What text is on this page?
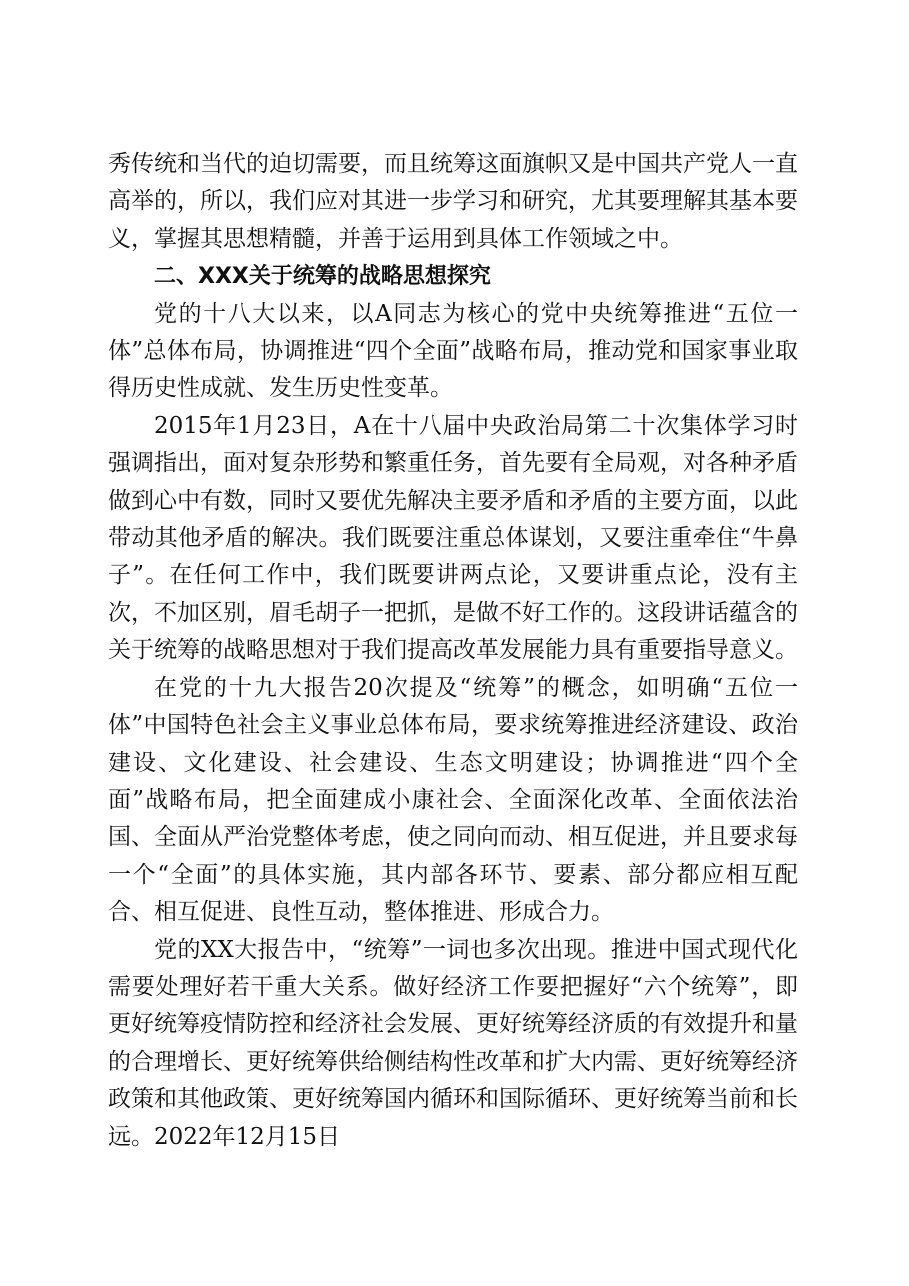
秀传统和当代的迫切需要，而且统筹这面旗帜又是中国共产党人一直高举的，所以，我们应对其进一步学习和研究，尤其要理解其基本要义，掌握其思想精髓，并善于运用到具体工作领域之中。

二、XXX关于统筹的战略思想探究

党的十八大以来，以A同志为核心的党中央统筹推进“五位一体”总体布局，协调推进“四个全面”战略布局，推动党和国家事业取得历史性成就、发生历史性变革。

2015年1月23日，A在十八届中央政治局第二十次集体学习时强调指出，面对复杂形势和繁重任务，首先要有全局观，对各种矛盾做到心中有数，同时又要优先解决主要矛盾和矛盾的主要方面，以此带动其他矛盾的解决。我们既要注重总体谋划，又要注重牵住“牛鼻子”。在任何工作中，我们既要讲两点论，又要讲重点论，没有主次，不加区别，眉毛胡子一把抓，是做不好工作的。这段讲话蕴含的关于统筹的战略思想对于我们提高改革发展能力具有重要指导意义。

在党的十九大报告20次提及“统筹”的概念，如明确“五位一体”中国特色社会主义事业总体布局，要求统筹推进经济建设、政治建设、文化建设、社会建设、生态文明建设；协调推进“四个全面”战略布局，把全面建成小康社会、全面深化改革、全面依法治国、全面从严治党整体考虑，使之同向而动、相互促进，并且要求每一个“全面”的具体实施，其内部各环节、要素、部分都应相互配合、相互促进、良性互动，整体推进、形成合力。

党的XX大报告中，“统筹”一词也多次出现。推进中国式现代化需要处理好若干重大关系。做好经济工作要把握好“六个统筹”，即更好统筹疫情防控和经济社会发展、更好统筹经济质的有效提升和量的合理增长、更好统筹供给侧结构性改革和扩大内需、更好统筹经济政策和其他政策、更好统筹国内循环和国际循环、更好统筹当前和长远。2022年12月15日
